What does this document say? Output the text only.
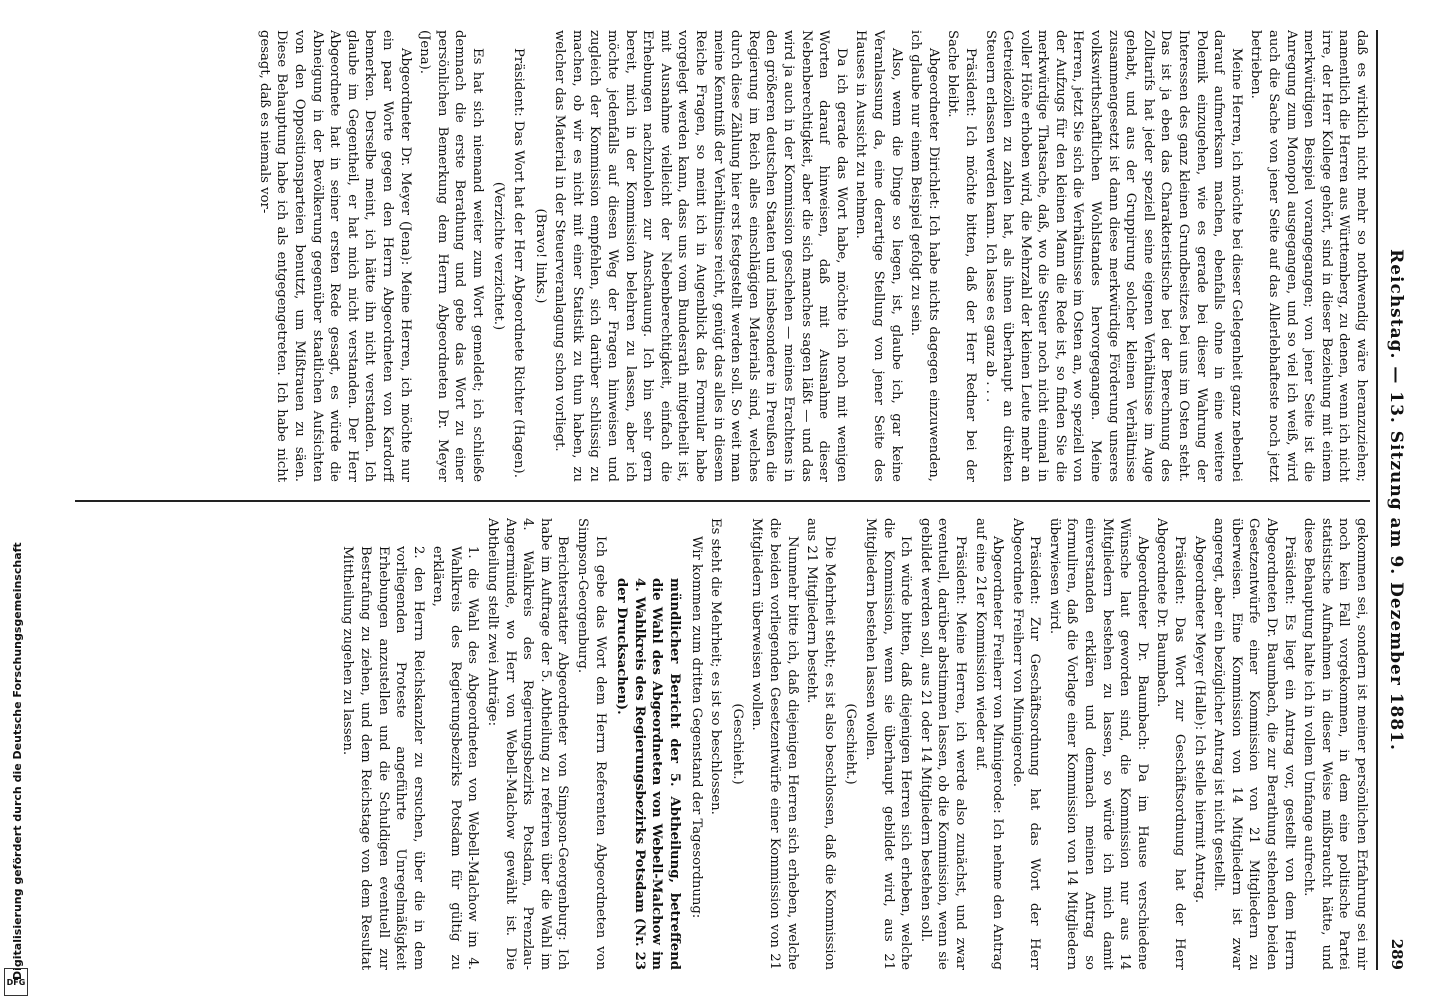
Digitalisierung gefördert durch die Deutsche Forschungsgemeinschaft
DFG
Reichstag. — 13. Sitzung am 9. Dezember 1881.
289

daß es wirklich nicht mehr so nothwendig wäre heranzuziehen; namentlich die Herren aus Württemberg, zu denen, wenn ich nicht irre, der Herr Kollege gehört, sind in dieser Beziehung mit einem merkwürdigen Beispiel vorangegangen; von jener Seite ist die Anregung zum Monopol ausgegangen, und so viel ich weiß, wird auch die Sache von jener Seite auf das Allerlebhafteste noch jetzt betrieben.

Meine Herren, ich möchte bei dieser Gelegenheit ganz nebenbei darauf aufmerksam machen, ebenfalls ohne in eine weitere Polemik einzugehen, wie es gerade bei dieser Wahrung der Interessen des ganz kleinen Grundbesitzes bei uns im Osten steht. Das ist ja eben das Charakteristische bei der Berechnung des Zolltarifs hat jeder speziell seine eigenen Verhältnisse im Auge gehabt, und aus der Gruppirung solcher kleinen Verhältnisse zusammengesetzt ist dann diese merkwürdige Förderung unseres volkswirthschaftlichen Wohlstandes hervorgegangen. Meine Herren, jetzt Sie sich die Verhältnisse im Osten an, wo speziell von der Aufzugs für den kleinen Mann die Rede ist, so finden Sie die merkwürdige Thatsache, daß, wo die Steuer noch nicht einmal in voller Höhe erhoben wird, die Mehrzahl der kleinen Leute mehr an Getreidezöllen zu zahlen hat, als ihnen überhaupt an direkten Steuern erlassen werden kann. Ich lasse es ganz ab . . .

Präsident: Ich möchte bitten, daß der Herr Redner bei der Sache bleibt.

Abgeordneter Dirichlet: Ich habe nichts dagegen einzuwenden, ich glaube nur einem Beispiel gefolgt zu sein.

Also, wenn die Dinge so liegen, ist, glaube ich, gar keine Veranlassung da, eine derartige Stellung von jener Seite des Hauses in Aussicht zu nehmen.

Da ich gerade das Wort habe, möchte ich noch mit wenigen Worten darauf hinweisen, daß mit Ausnahme dieser Nebenberechtigkeit, aber die sich manches sagen läßt — und das wird ja auch in der Kommission geschehen — meines Erachtens in den größeren deutschen Staaten und insbesondere in Preußen die Regierung im Reich alles einschlägigen Materials sind, welches durch diese Zählung hier erst festgestellt werden soll. So weit man meine Kenntniß der Verhältnisse reicht, genügt das alles in diesem Reiche Fragen, so meint ich in Augenblick das Formular habe vorgelegt werden kann, dass uns vom Bundesrath mitgetheilt ist, mit Ausnahme vielleicht der Nebenberechtigkeit, einfach die Erhebungen nachzuholen zur Anschauung. Ich bin sehr gern bereit, mich in der Kommission belehren zu lassen, aber ich möchte jedenfalls auf diesen Weg der Fragen hinweisen und zugleich der Kommission empfehlen, sich darüber schlüssig zu machen, ob wir es nicht mit einer Statistik zu thun haben, zu welcher das Material in der Steuerveranlagung schon vorliegt.

(Bravo! links.)

Präsident: Das Wort hat der Herr Abgeordnete Richter (Hagen).

(Verzichte verzichtet.)

Es hat sich niemand weiter zum Wort gemeldet; ich schließe demnach die erste Berathung und gebe das Wort zu einer persönlichen Bemerkung dem Herrn Abgeordneten Dr. Meyer (Jena).

Abgeordneter Dr. Meyer (Jena): Meine Herren, ich möchte nur ein paar Worte gegen den Herrn Abgeordneten von Kardorff bemerken. Derselbe meint, ich hätte ihn nicht verstanden. Ich glaube im Gegentheil, er hat mich nicht verstanden. Der Herr Abgeordnete hat in seiner ersten Rede gesagt, es würde die Abneigung in der Bevölkerung gegenüber staatlichen Aufsichten von den Oppositionsparteien benutzt, um Mißtrauen zu säen. Diese Behauptung habe ich als entgegengetreten. Ich habe nicht gesagt, daß es niemals vor-

gekommen sei, sondern ist meiner persönlichen Erfahrung sei mir noch kein Fall vorgekommen, in dem eine politische Partei statistische Aufnahmen in dieser Weise mißbraucht hätte, und diese Behauptung halte ich in vollem Umfange aufrecht.

Präsident: Es liegt ein Antrag vor, gestellt von dem Herrn Abgeordneten Dr. Baumbach, die zur Berathung stehenden beiden Gesetzentwürfe einer Kommission von 21 Mitgliedern zu überweisen. Eine Kommission von 14 Mitgliedern ist zwar angeregt, aber ein bezüglicher Antrag ist nicht gestellt.

Abgeordneter Meyer (Halle): Ich stelle hiermit Antrag.

Präsident: Das Wort zur Geschäftsordnung hat der Herr Abgeordnete Dr. Baumbach.

Abgeordneter Dr. Baumbach: Da im Hause verschiedene Wünsche laut geworden sind, die Kommission nur aus 14 Mitgliedern bestehen zu lassen, so würde ich mich damit einverstanden erklären und demnach meinen Antrag so formuliren, daß die Vorlage einer Kommission von 14 Mitgliedern überwiesen wird.

Präsident: Zur Geschäftsordnung hat das Wort der Herr Abgeordnete Freiherr von Minnigerode.

Abgeordneter Freiherr von Minnigerode: Ich nehme den Antrag auf eine 21er Kommission wieder auf.

Präsident: Meine Herren, ich werde also zunächst, und zwar eventuell, darüber abstimmen lassen, ob die Kommission, wenn sie gebildet werden soll, aus 21 oder 14 Mitgliedern bestehen soll.

Ich würde bitten, daß diejenigen Herren sich erheben, welche die Kommission, wenn sie überhaupt gebildet wird, aus 21 Mitgliedern bestehen lassen wollen.

(Geschieht.)

Die Mehrheit steht; es ist also beschlossen, daß die Kommission aus 21 Mitgliedern besteht.

Nunmehr bitte ich, daß diejenigen Herren sich erheben, welche die beiden vorliegenden Gesetzentwürfe einer Kommission von 21 Mitgliedern überweisen wollen.

(Geschieht.)

Es steht die Mehrheit; es ist so beschlossen.

Wir kommen zum dritten Gegenstand der Tagesordnung:

mündlicher Bericht der 5. Abtheilung, betreffend die Wahl des Abgeordneten von Webell-Malchow im 4. Wahlkreis des Regierungsbezirks Potsdam (Nr. 23 der Drucksachen).

Ich gebe das Wort dem Herrn Referenten Abgeordneten von Simpson-Georgenburg.

Berichterstatter Abgeordneter von Simpson-Georgenburg: Ich habe im Auftrage der 5. Abtheilung zu referiren über die Wahl im 4. Wahlkreis des Regierungsbezirks Potsdam, Prenzlau-Angermünde, wo Herr von Webell-Malchow gewählt ist. Die Abtheilung stellt zwei Anträge:

1. die Wahl des Abgeordneten von Webell-Malchow im 4. Wahlkreis des Regierungsbezirks Potsdam für gültig zu erklären,

2. den Herrn Reichskanzler zu ersuchen, über die in dem vorliegenden Proteste angeführte Unregelmäßigkeit Erhebungen anzustellen und die Schuldigen eventuell zur Bestrafung zu ziehen, und dem Reichstage von dem Resultat Mittheilung zugehen zu lassen.
